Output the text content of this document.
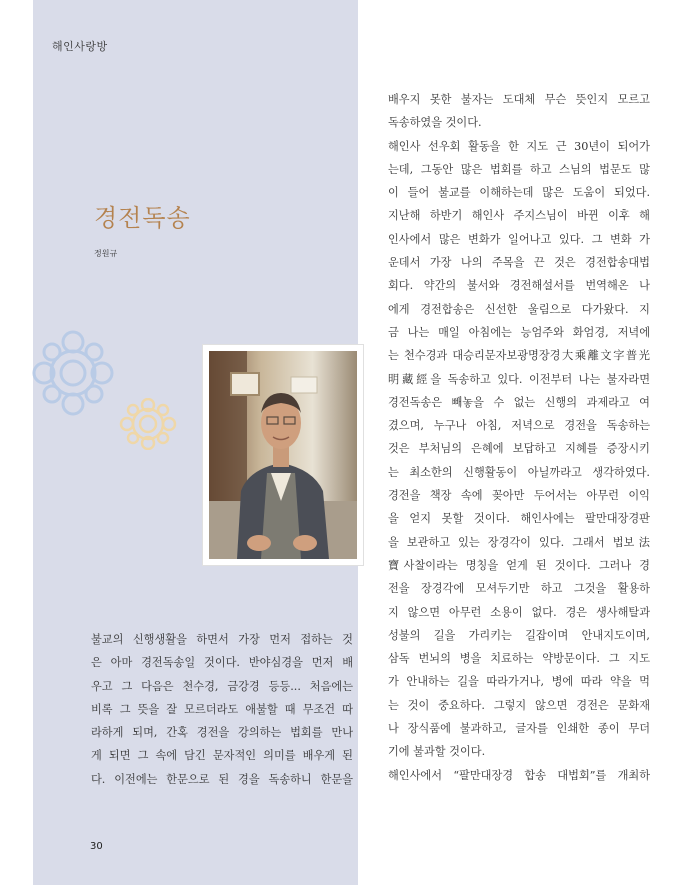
해인사랑방
경전독송
정원규
배우지 못한 불자는 도대체 무슨 뜻인지 모르고
독송하였을 것이다.
해인사 선우회 활동을 한 지도 근 30년이 되어가
는데, 그동안 많은 법회를 하고 스님의 법문도 많
이 들어 불교를 이해하는데 많은 도움이 되었다.
지난해 하반기 해인사 주지스님이 바뀐 이후 해
인사에서 많은 변화가 일어나고 있다. 그 변화 가
운데서 가장 나의 주목을 끈 것은 경전합송대법
회다. 약간의 불서와 경전해설서를 번역해온 나
에게 경전합송은 신선한 울림으로 다가왔다. 지
금 나는 매일 아침에는 능엄주와 화엄경, 저녁에
는 천수경과 대승리문자보광명장경大乘離文字普光
明藏經을 독송하고 있다. 이전부터 나는 불자라면
경전독송은 빼놓을 수 없는 신행의 과제라고 여
겼으며, 누구나 아침, 저녁으로 경전을 독송하는
것은 부처님의 은혜에 보답하고 지혜를 증장시키
는 최소한의 신행활동이 아닐까라고 생각하였다.
경전을 책장 속에 꽂아만 두어서는 아무런 이익
을 얻지 못할 것이다. 해인사에는 팔만대장경판
을 보관하고 있는 장경각이 있다. 그래서 법보法
寶사찰이라는 명칭을 얻게 된 것이다. 그러나 경
전을 장경각에 모셔두기만 하고 그것을 활용하
지 않으면 아무런 소용이 없다. 경은 생사해탈과
성불의 길을 가리키는 길잡이며 안내지도이며,
삼독 번뇌의 병을 치료하는 약방문이다. 그 지도
가 안내하는 길을 따라가거나, 병에 따라 약을 먹
는 것이 중요하다. 그렇지 않으면 경전은 문화재
나 장식품에 불과하고, 글자를 인쇄한 종이 무더
기에 불과할 것이다.
해인사에서 “팔만대장경 합송 대법회”를 개최하
불교의 신행생활을 하면서 가장 먼저 접하는 것
은 아마 경전독송일 것이다. 반야심경을 먼저 배
우고 그 다음은 천수경, 금강경 등등... 처음에는
비록 그 뜻을 잘 모르더라도 애불할 때 무조건 따
라하게 되며, 간혹 경전을 강의하는 법회를 만나
게 되면 그 속에 담긴 문자적인 의미를 배우게 된
다. 이전에는 한문으로 된 경을 독송하니 한문을
30
